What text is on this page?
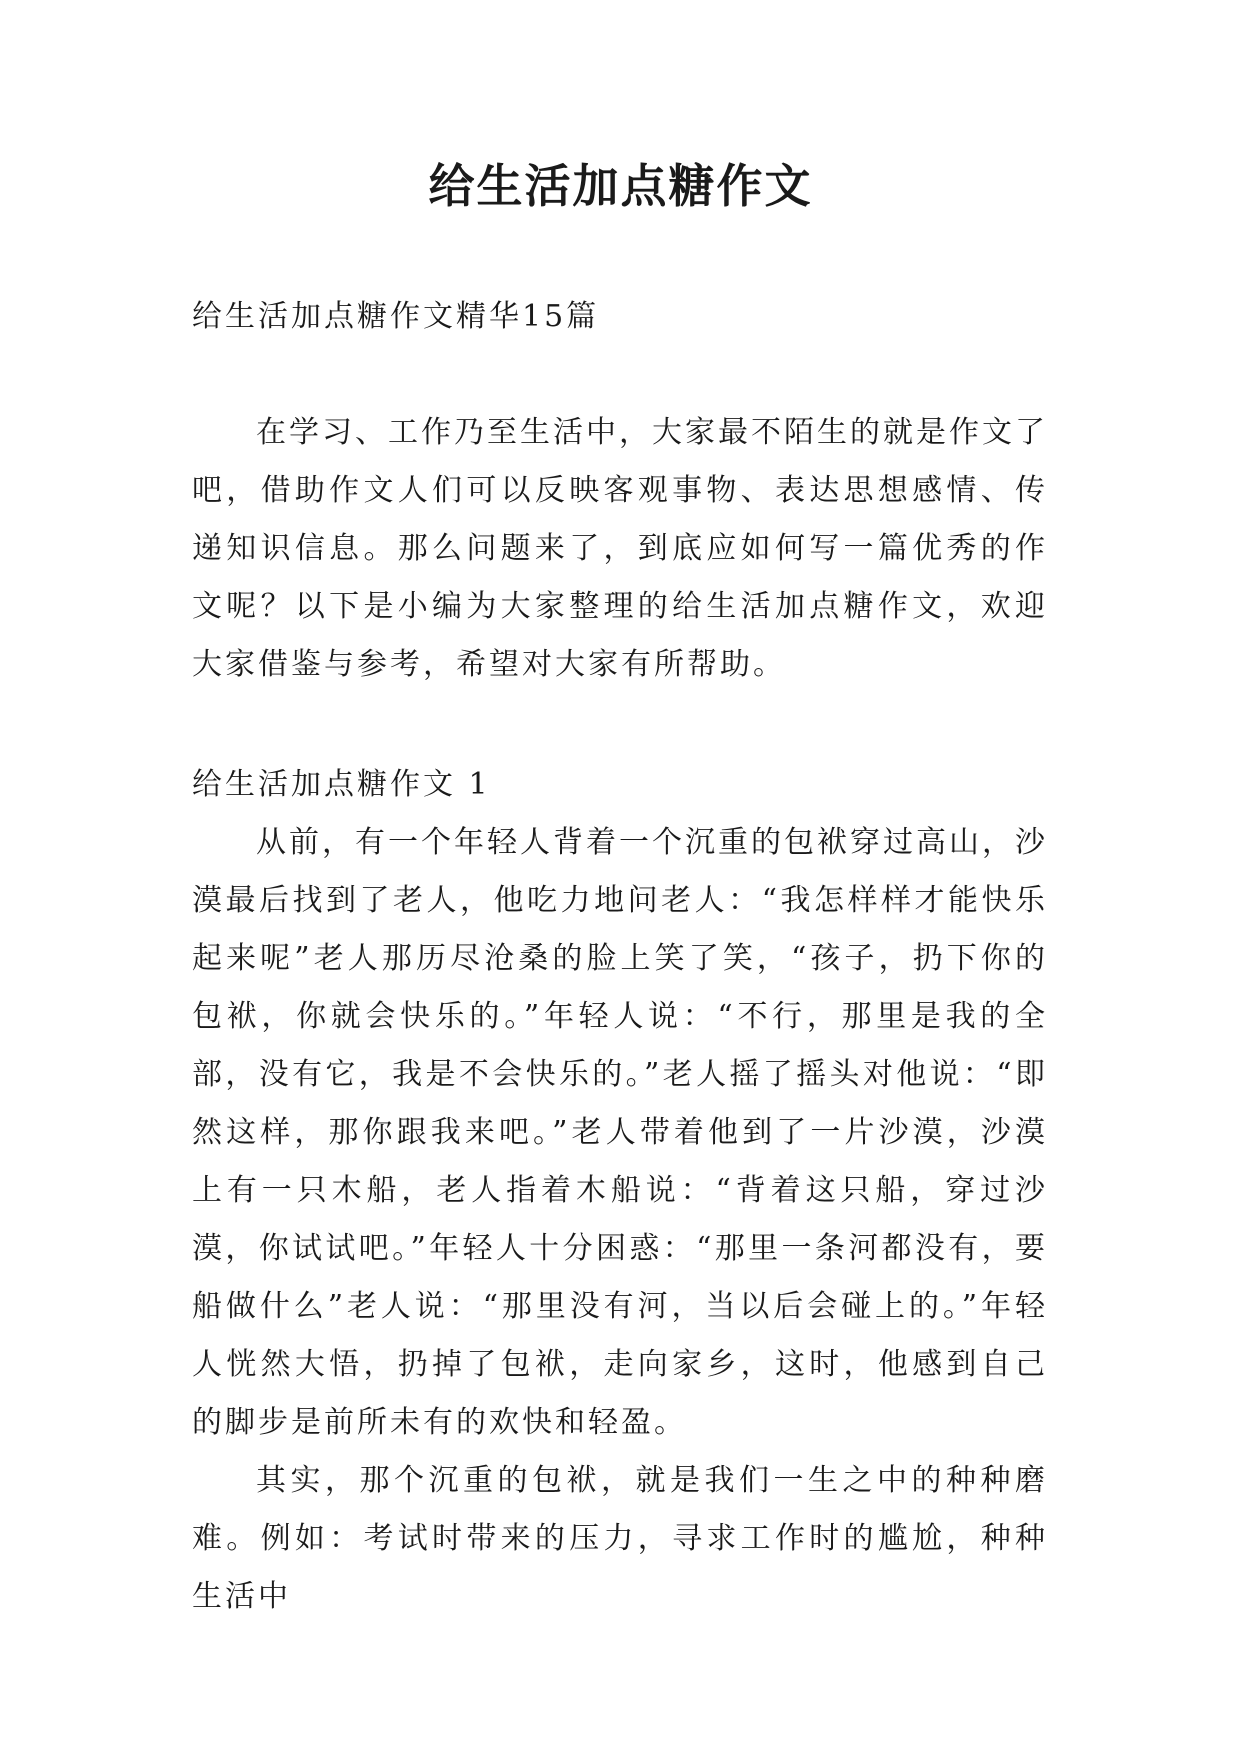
给生活加点糖作文

给生活加点糖作文精华15篇

在学习、工作乃至生活中，大家最不陌生的就是作文了吧，借助作文人们可以反映客观事物、表达思想感情、传递知识信息。那么问题来了，到底应如何写一篇优秀的作文呢？以下是小编为大家整理的给生活加点糖作文，欢迎大家借鉴与参考，希望对大家有所帮助。

给生活加点糖作文 1

从前，有一个年轻人背着一个沉重的包袱穿过高山，沙漠最后找到了老人，他吃力地问老人：“我怎样样才能快乐起来呢”老人那历尽沧桑的脸上笑了笑，“孩子，扔下你的包袱，你就会快乐的。”年轻人说：“不行，那里是我的全部，没有它，我是不会快乐的。”老人摇了摇头对他说：“即然这样，那你跟我来吧。”老人带着他到了一片沙漠，沙漠上有一只木船，老人指着木船说：“背着这只船，穿过沙漠，你试试吧。”年轻人十分困惑：“那里一条河都没有，要船做什么”老人说：“那里没有河，当以后会碰上的。”年轻人恍然大悟，扔掉了包袱，走向家乡，这时，他感到自己的脚步是前所未有的欢快和轻盈。

其实，那个沉重的包袱，就是我们一生之中的种种磨难。例如：考试时带来的压力，寻求工作时的尴尬，种种生活中
